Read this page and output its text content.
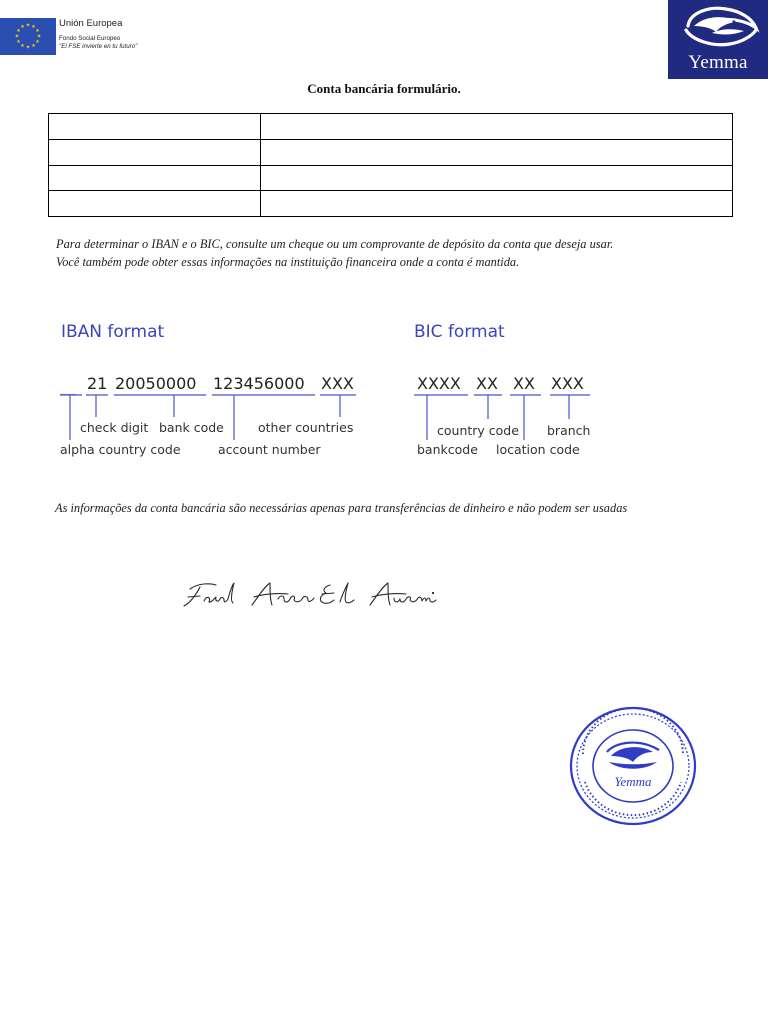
★ ★
★
★
★
★
★
★
★
★
★
★	Unión Europea
Fondo Social Europeo
"El FSE invierte en tu futuro"
Yemma
Conta bancária formulário.

Para determinar o IBAN e o BIC, consulte um cheque ou um comprovante de depósito da conta que deseja usar.
Você também pode obter essas informações na instituição financeira onde a conta é mantida.
IBAN format
__ 21 20050000 123456000 XXX
check digit bank code	other countries
alpha country code	account number
BIC format
XXXX XX XX XXX
country code branch
bankcode location code
As informações da conta bancária são necessárias apenas para transferências de dinheiro e não podem ser usadas
Yemma
